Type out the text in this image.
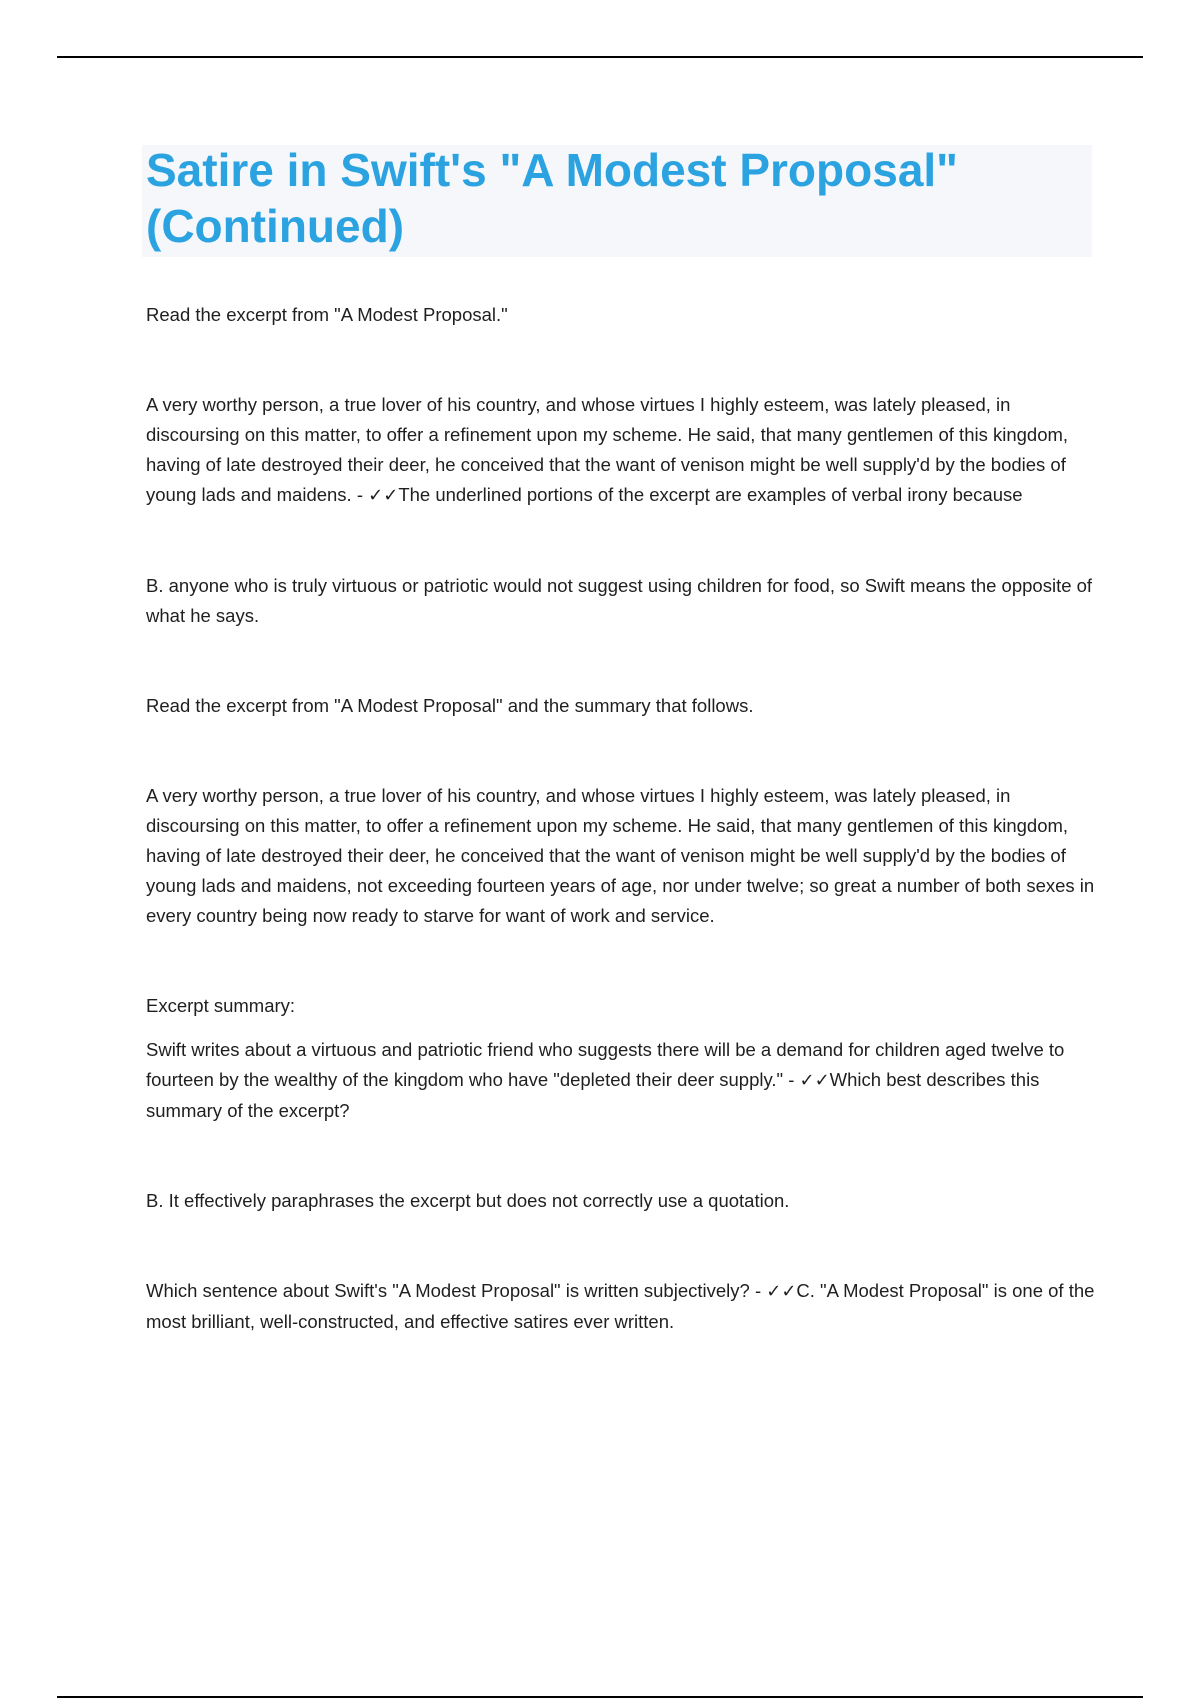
Satire in Swift's "A Modest Proposal" (Continued)

Read the excerpt from "A Modest Proposal."

A very worthy person, a true lover of his country, and whose virtues I highly esteem, was lately pleased, in discoursing on this matter, to offer a refinement upon my scheme. He said, that many gentlemen of this kingdom, having of late destroyed their deer, he conceived that the want of venison might be well supply'd by the bodies of young lads and maidens. - ✓✓The underlined portions of the excerpt are examples of verbal irony because

B. anyone who is truly virtuous or patriotic would not suggest using children for food, so Swift means the opposite of what he says.

Read the excerpt from "A Modest Proposal" and the summary that follows.

A very worthy person, a true lover of his country, and whose virtues I highly esteem, was lately pleased, in discoursing on this matter, to offer a refinement upon my scheme. He said, that many gentlemen of this kingdom, having of late destroyed their deer, he conceived that the want of venison might be well supply'd by the bodies of young lads and maidens, not exceeding fourteen years of age, nor under twelve; so great a number of both sexes in every country being now ready to starve for want of work and service.

Excerpt summary:

Swift writes about a virtuous and patriotic friend who suggests there will be a demand for children aged twelve to fourteen by the wealthy of the kingdom who have "depleted their deer supply." - ✓✓Which best describes this summary of the excerpt?

B. It effectively paraphrases the excerpt but does not correctly use a quotation.

Which sentence about Swift's "A Modest Proposal" is written subjectively? - ✓✓C. "A Modest Proposal" is one of the most brilliant, well-constructed, and effective satires ever written.
